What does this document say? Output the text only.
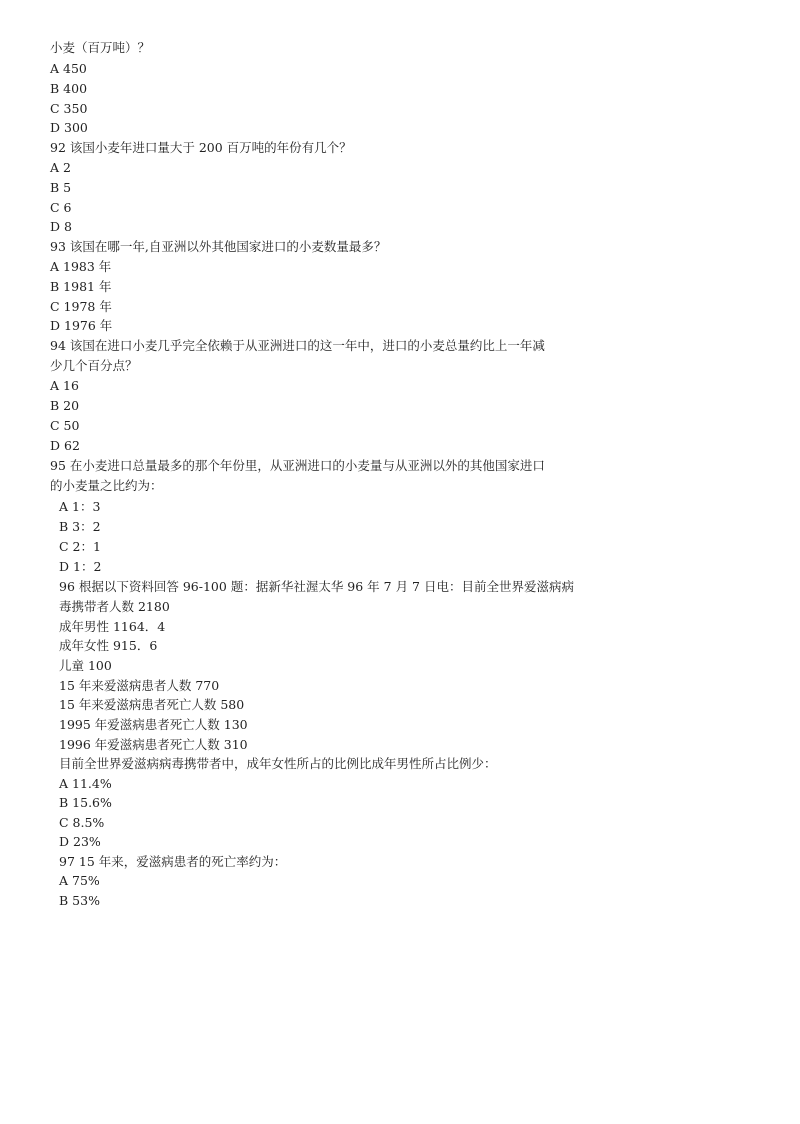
小麦（百万吨）？
A 450
B 400
C 350
D 300
92 该国小麦年进口量大于 200 百万吨的年份有几个？
A 2
B 5
C 6
D 8
93 该国在哪一年,自亚洲以外其他国家进口的小麦数量最多？
A 1983 年
B 1981 年
C 1978 年
D 1976 年
94 该国在进口小麦几乎完全依赖于从亚洲进口的这一年中，进口的小麦总量约比上一年减
少几个百分点？
A 16
B 20
C 50
D 62
95 在小麦进口总量最多的那个年份里，从亚洲进口的小麦量与从亚洲以外的其他国家进口
的小麦量之比约为：
A 1：3
B 3：2
C 2：1
D 1：2
96 根据以下资料回答 96-100 题：据新华社渥太华 96 年 7 月 7 日电：目前全世界爱滋病病
毒携带者人数 2180
成年男性 1164．4
成年女性 915．6
儿童 100
15 年来爱滋病患者人数 770
15 年来爱滋病患者死亡人数 580
1995 年爱滋病患者死亡人数 130
1996 年爱滋病患者死亡人数 310
目前全世界爱滋病病毒携带者中，成年女性所占的比例比成年男性所占比例少：
A 11.4%
B 15.6%
C 8.5%
D 23%
97 15 年来，爱滋病患者的死亡率约为：
A 75%
B 53%
